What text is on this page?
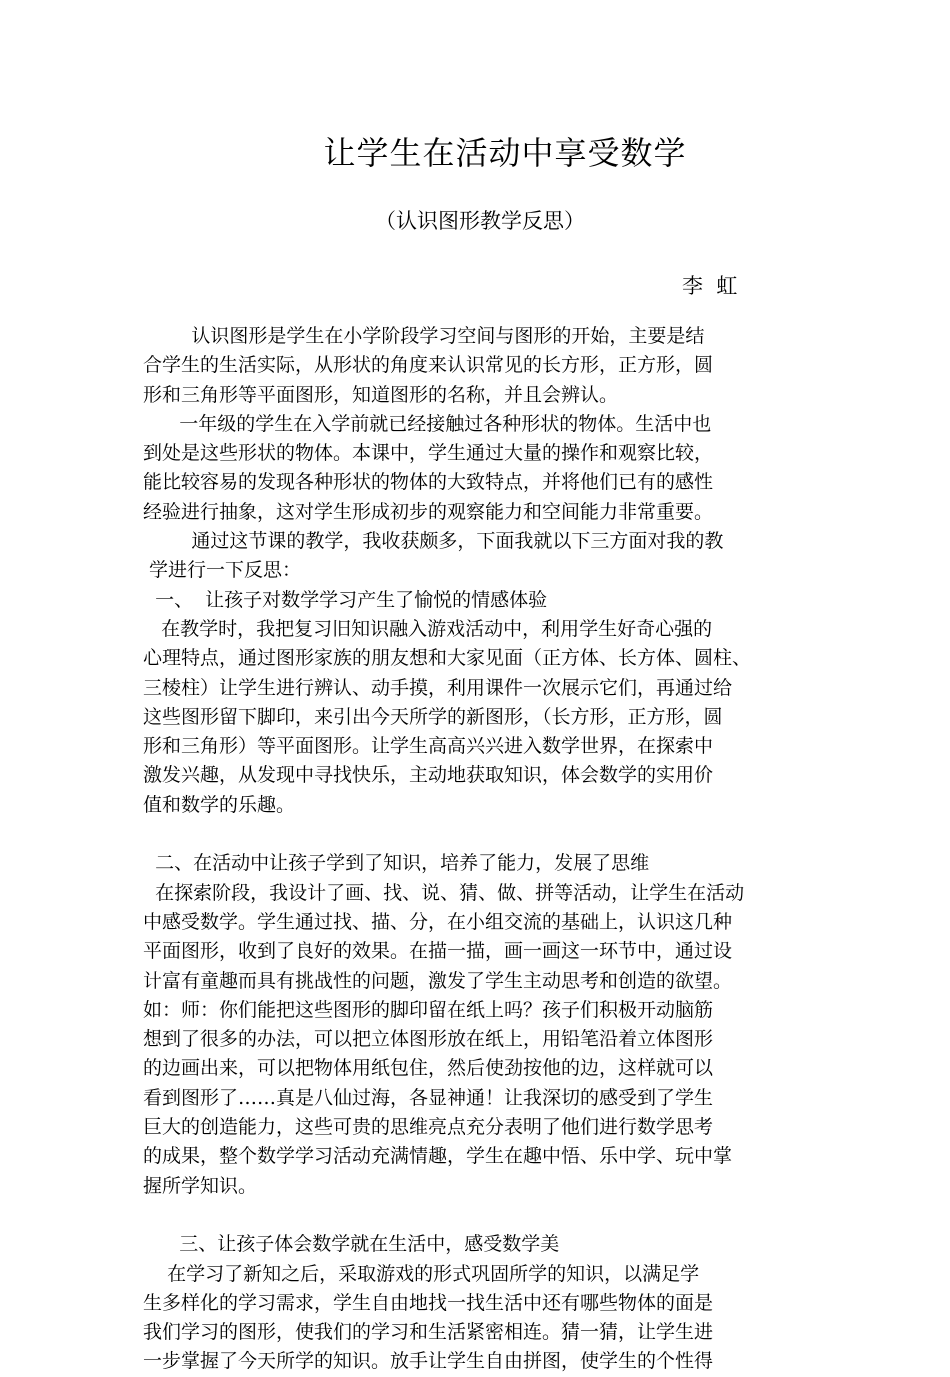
让学生在活动中享受数学
（认识图形教学反思）
李  虹

认识图形是学生在小学阶段学习空间与图形的开始，主要是结

合学生的生活实际，从形状的角度来认识常见的长方形，正方形，圆

形和三角形等平面图形，知道图形的名称，并且会辨认。

一年级的学生在入学前就已经接触过各种形状的物体。生活中也

到处是这些形状的物体。本课中，学生通过大量的操作和观察比较，

能比较容易的发现各种形状的物体的大致特点，并将他们已有的感性

经验进行抽象，这对学生形成初步的观察能力和空间能力非常重要。

通过这节课的教学，我收获颇多，下面我就以下三方面对我的教

学进行一下反思：

一、  让孩子对数学学习产生了愉悦的情感体验

在教学时，我把复习旧知识融入游戏活动中，利用学生好奇心强的

心理特点，通过图形家族的朋友想和大家见面（正方体、长方体、圆柱、

三棱柱）让学生进行辨认、动手摸，利用课件一次展示它们，再通过给

这些图形留下脚印，来引出今天所学的新图形，（长方形，正方形，圆

形和三角形）等平面图形。让学生高高兴兴进入数学世界，在探索中

激发兴趣，从发现中寻找快乐，主动地获取知识，体会数学的实用价

值和数学的乐趣。

二、在活动中让孩子学到了知识，培养了能力，发展了思维

在探索阶段，我设计了画、找、说、猜、做、拼等活动，让学生在活动

中感受数学。学生通过找、描、分，在小组交流的基础上，认识这几种

平面图形，收到了良好的效果。在描一描，画一画这一环节中，通过设

计富有童趣而具有挑战性的问题，激发了学生主动思考和创造的欲望。

如：师：你们能把这些图形的脚印留在纸上吗？孩子们积极开动脑筋

想到了很多的办法，可以把立体图形放在纸上，用铅笔沿着立体图形

的边画出来，可以把物体用纸包住，然后使劲按他的边，这样就可以

看到图形了……真是八仙过海，各显神通！让我深切的感受到了学生

巨大的创造能力，这些可贵的思维亮点充分表明了他们进行数学思考

的成果，整个数学学习活动充满情趣，学生在趣中悟、乐中学、玩中掌

握所学知识。

三、让孩子体会数学就在生活中，感受数学美

在学习了新知之后，采取游戏的形式巩固所学的知识，以满足学

生多样化的学习需求，学生自由地找一找生活中还有哪些物体的面是

我们学习的图形，使我们的学习和生活紧密相连。猜一猜，让学生进

一步掌握了今天所学的知识。放手让学生自由拼图，使学生的个性得
